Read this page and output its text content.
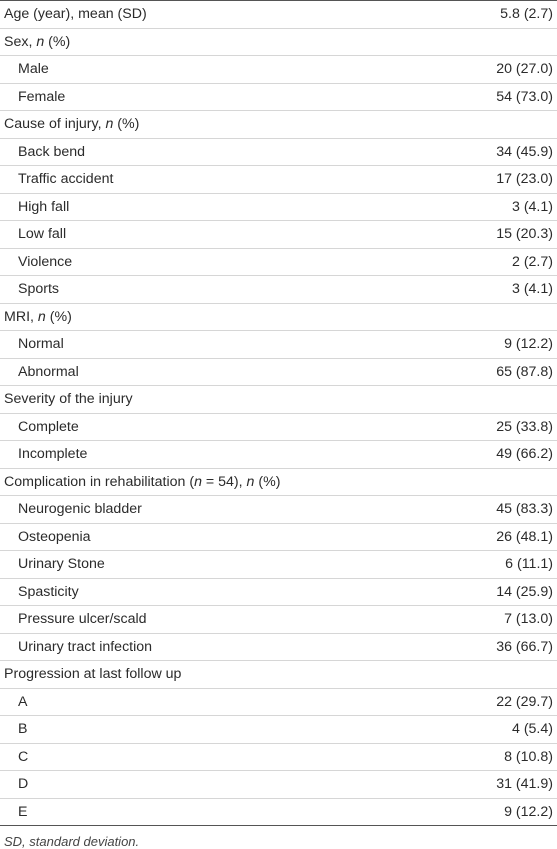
Age (year), mean (SD)	5.8 (2.7)
Sex, n (%)	
Male	20 (27.0)
Female	54 (73.0)
Cause of injury, n (%)	
Back bend	34 (45.9)
Traffic accident	17 (23.0)
High fall	3 (4.1)
Low fall	15 (20.3)
Violence	2 (2.7)
Sports	3 (4.1)
MRI, n (%)	
Normal	9 (12.2)
Abnormal	65 (87.8)
Severity of the injury	
Complete	25 (33.8)
Incomplete	49 (66.2)
Complication in rehabilitation (n = 54), n (%)	
Neurogenic bladder	45 (83.3)
Osteopenia	26 (48.1)
Urinary Stone	6 (11.1)
Spasticity	14 (25.9)
Pressure ulcer/scald	7 (13.0)
Urinary tract infection	36 (66.7)
Progression at last follow up	
A	22 (29.7)
B	4 (5.4)
C	8 (10.8)
D	31 (41.9)
E	9 (12.2)
SD, standard deviation.
